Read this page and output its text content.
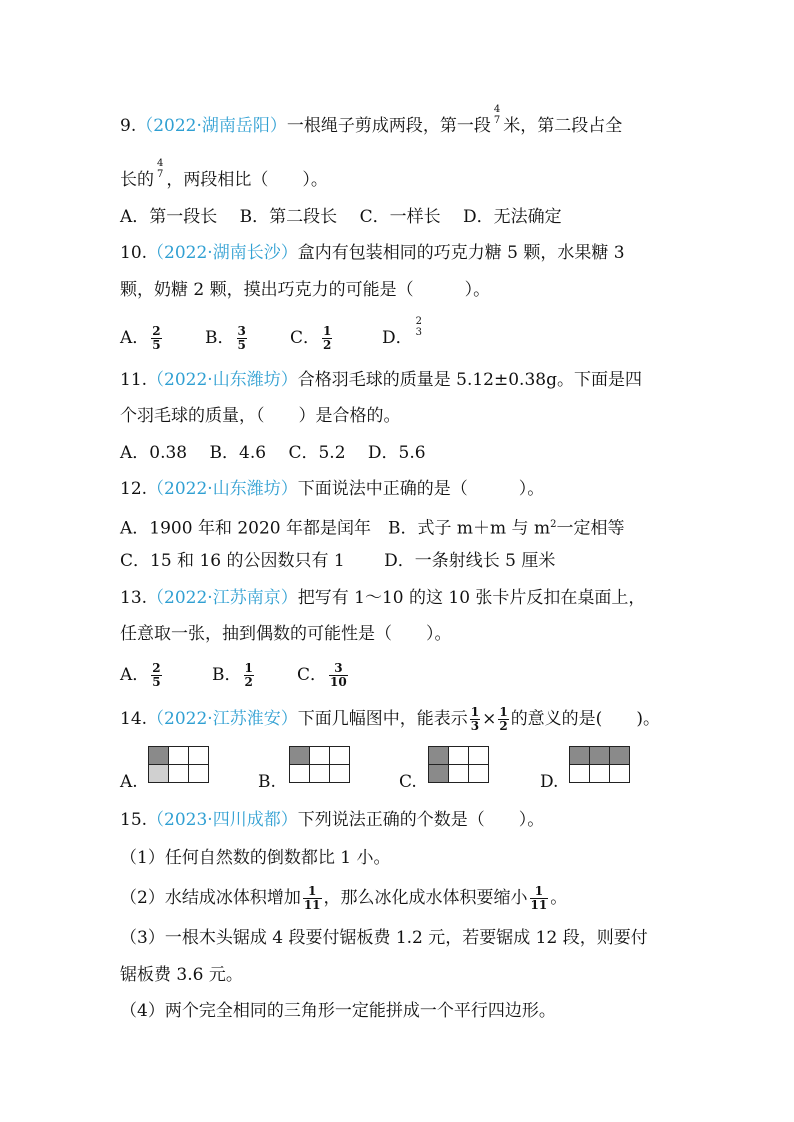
9.（2022·湖南岳阳）一根绳子剪成两段，第一段
4
7 米，第二段占全
长的
4
7 ，两段相比（　　）。
A．第一段长　 B．第二段长　 C．一样长　 D．无法确定
10.（2022·湖南长沙）盒内有包装相同的巧克力糖 5 颗，水果糖 3
颗，奶糖 2 颗，摸出巧克力的可能是（　　　）。
A． $\frac{2}{5}$	B． $\frac{3}{5}$	C． $\frac{1}{2}$	D．
2
3
11.（2022·山东潍坊）合格羽毛球的质量是 5.12±0.38g。下面是四
个羽毛球的质量，（　　）是合格的。
A．0.38　 B．4.6　 C．5.2　 D．5.6
12.（2022·山东潍坊）下面说法中正确的是（　　　）。
A．1900 年和 2020 年都是闰年　B．式子 m＋m 与 $m^2$一定相等
C．15 和 16 的公因数只有 1　　 D．一条射线长 5 厘米
13.（2022·江苏南京）把写有 1～10 的这 10 张卡片反扣在桌面上，
任意取一张，抽到偶数的可能性是（　　）。
A． $\frac{2}{5}$	B． $\frac{1}{2}$	C． $\frac{3}{10}$
14.（2022·江苏淮安）下面几幅图中，能表示 $\frac{1}{3} \times \frac{1}{2}$ 的意义的是(　　)。
A.

			B.

			C.

			D.

15.（2023·四川成都）下列说法正确的个数是（　　）。
（1）任何自然数的倒数都比 1 小。
（2）水结成冰体积增加 $\frac{1}{11}$ ，那么冰化成水体积要缩小 $\frac{1}{11}$ 。
（3）一根木头锯成 4 段要付锯板费 1.2 元，若要锯成 12 段，则要付
锯板费 3.6 元。
（4）两个完全相同的三角形一定能拼成一个平行四边形。
